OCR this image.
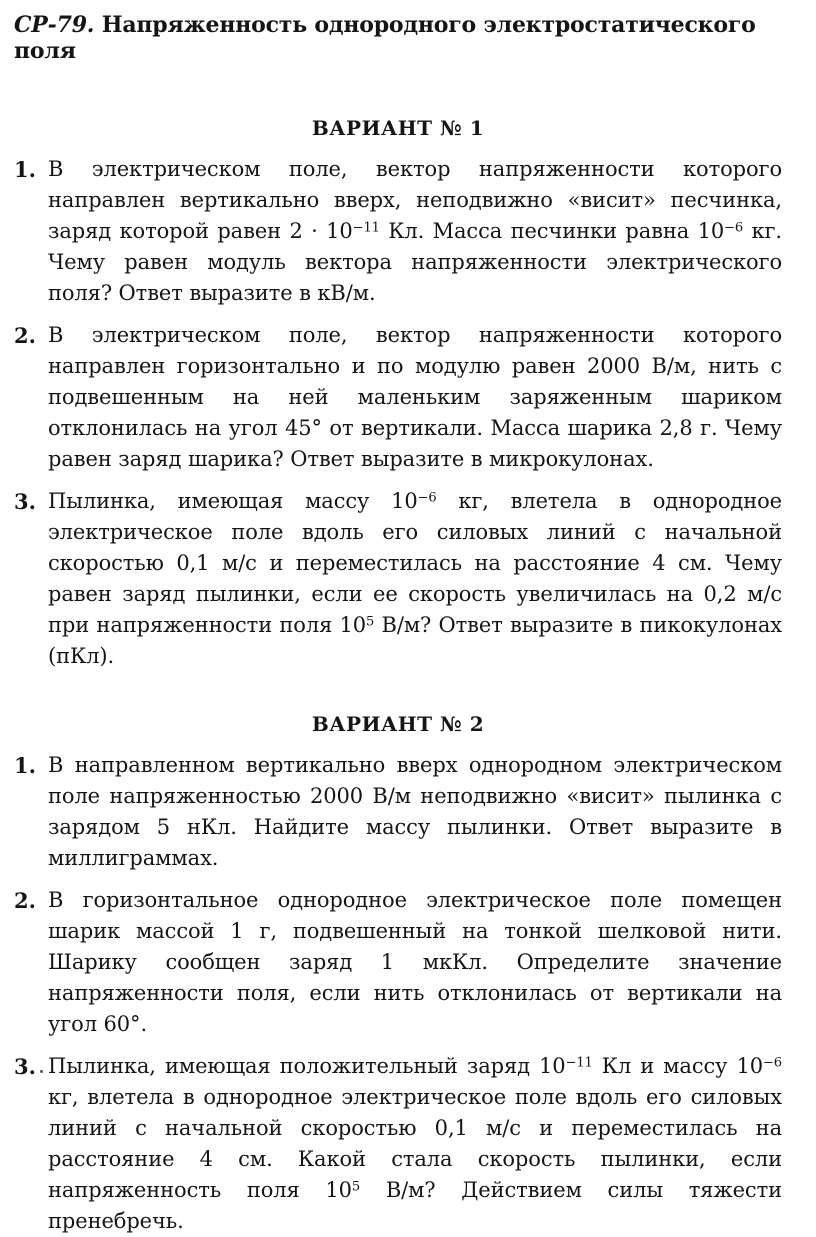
СР-79. Напряженность однородного электростатического поля
ВАРИАНТ № 1
1. В электрическом поле, вектор напряженности которого направлен вертикально вверх, неподвижно «висит» песчинка, заряд которой равен $2 \cdot 10^{-11}$ Кл. Масса песчинки равна $10^{-6}$ кг. Чему равен модуль вектора напряженности электрического поля? Ответ выразите в кВ/м.
2. В электрическом поле, вектор напряженности которого направлен горизонтально и по модулю равен 2000 В/м, нить с подвешенным на ней маленьким заряженным шариком отклонилась на угол 45° от вертикали. Масса шарика 2,8 г. Чему равен заряд шарика? Ответ выразите в микрокулонах.
3. Пылинка, имеющая массу $10^{-6}$ кг, влетела в однородное электрическое поле вдоль его силовых линий с начальной скоростью 0,1 м/с и переместилась на расстояние 4 см. Чему равен заряд пылинки, если ее скорость увеличилась на 0,2 м/с при напряженности поля $10^5$ В/м? Ответ выразите в пикокулонах (пКл).
ВАРИАНТ № 2
1. В направленном вертикально вверх однородном электрическом поле напряженностью 2000 В/м неподвижно «висит» пылинка с зарядом 5 нКл. Найдите массу пылинки. Ответ выразите в миллиграммах.
2. В горизонтальное однородное электрическое поле помещен шарик массой 1 г, подвешенный на тонкой шелковой нити. Шарику сообщен заряд 1 мкКл. Определите значение напряженности поля, если нить отклонилась от вертикали на угол 60°.
3. Пылинка, имеющая положительный заряд $10^{-11}$ Кл и массу $10^{-6}$ кг, влетела в однородное электрическое поле вдоль его силовых линий с начальной скоростью 0,1 м/с и переместилась на расстояние 4 см. Какой стала скорость пылинки, если напряженность поля $10^5$ В/м? Действием силы тяжести пренебречь.
